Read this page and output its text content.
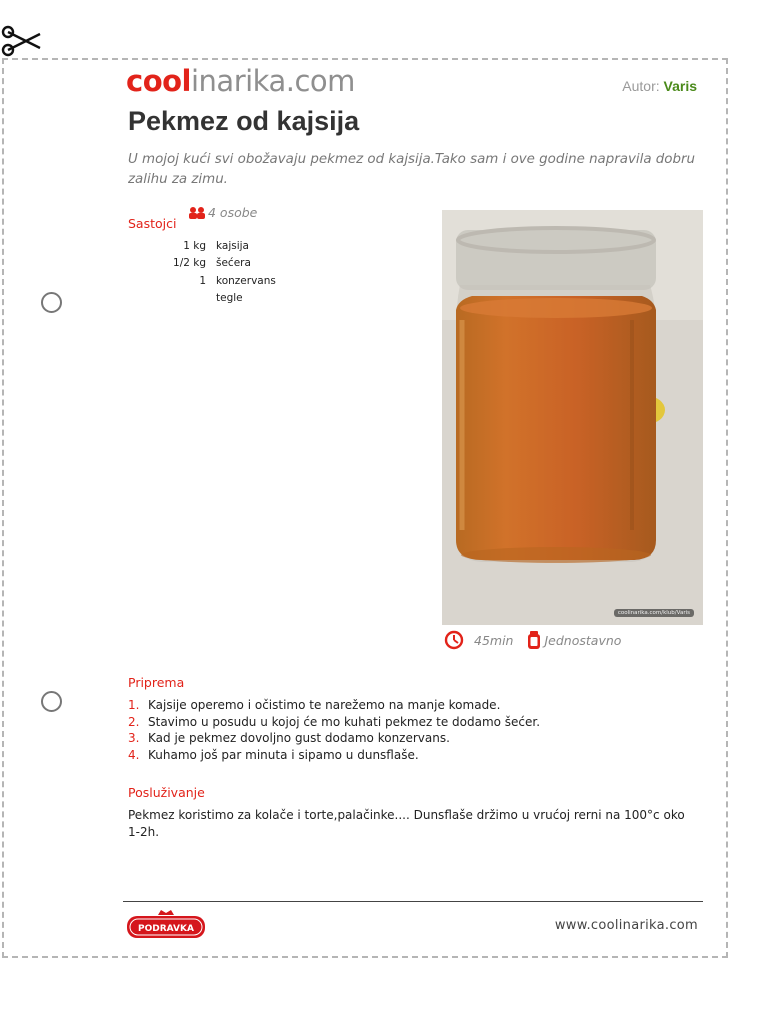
coolinarika.com	Autor: Varis
Pekmez od kajsija

U mojoj kući svi obožavaju pekmez od kajsija.Tako sam i ove godine napravila dobru zalihu za zimu.

Sastojci
4 osobe
1 kg kajsija
1/2 kg šećera
1 konzervans
tegle
coolinarika.com/klub/Varis
45min Jednostavno
Priprema
1. Kajsije operemo i očistimo te narežemo na manje komade.
2. Stavimo u posudu u kojoj će mo kuhati pekmez te dodamo šećer.
3. Kad je pekmez dovoljno gust dodamo konzervans.
4. Kuhamo još par minuta i sipamo u dunsflaše.
Posluživanje

Pekmez koristimo za kolače i torte,palačinke.... Dunsflaše držimo u vrućoj rerni na 100°c oko 1-2h.

PODRAVKA	www.coolinarika.com
